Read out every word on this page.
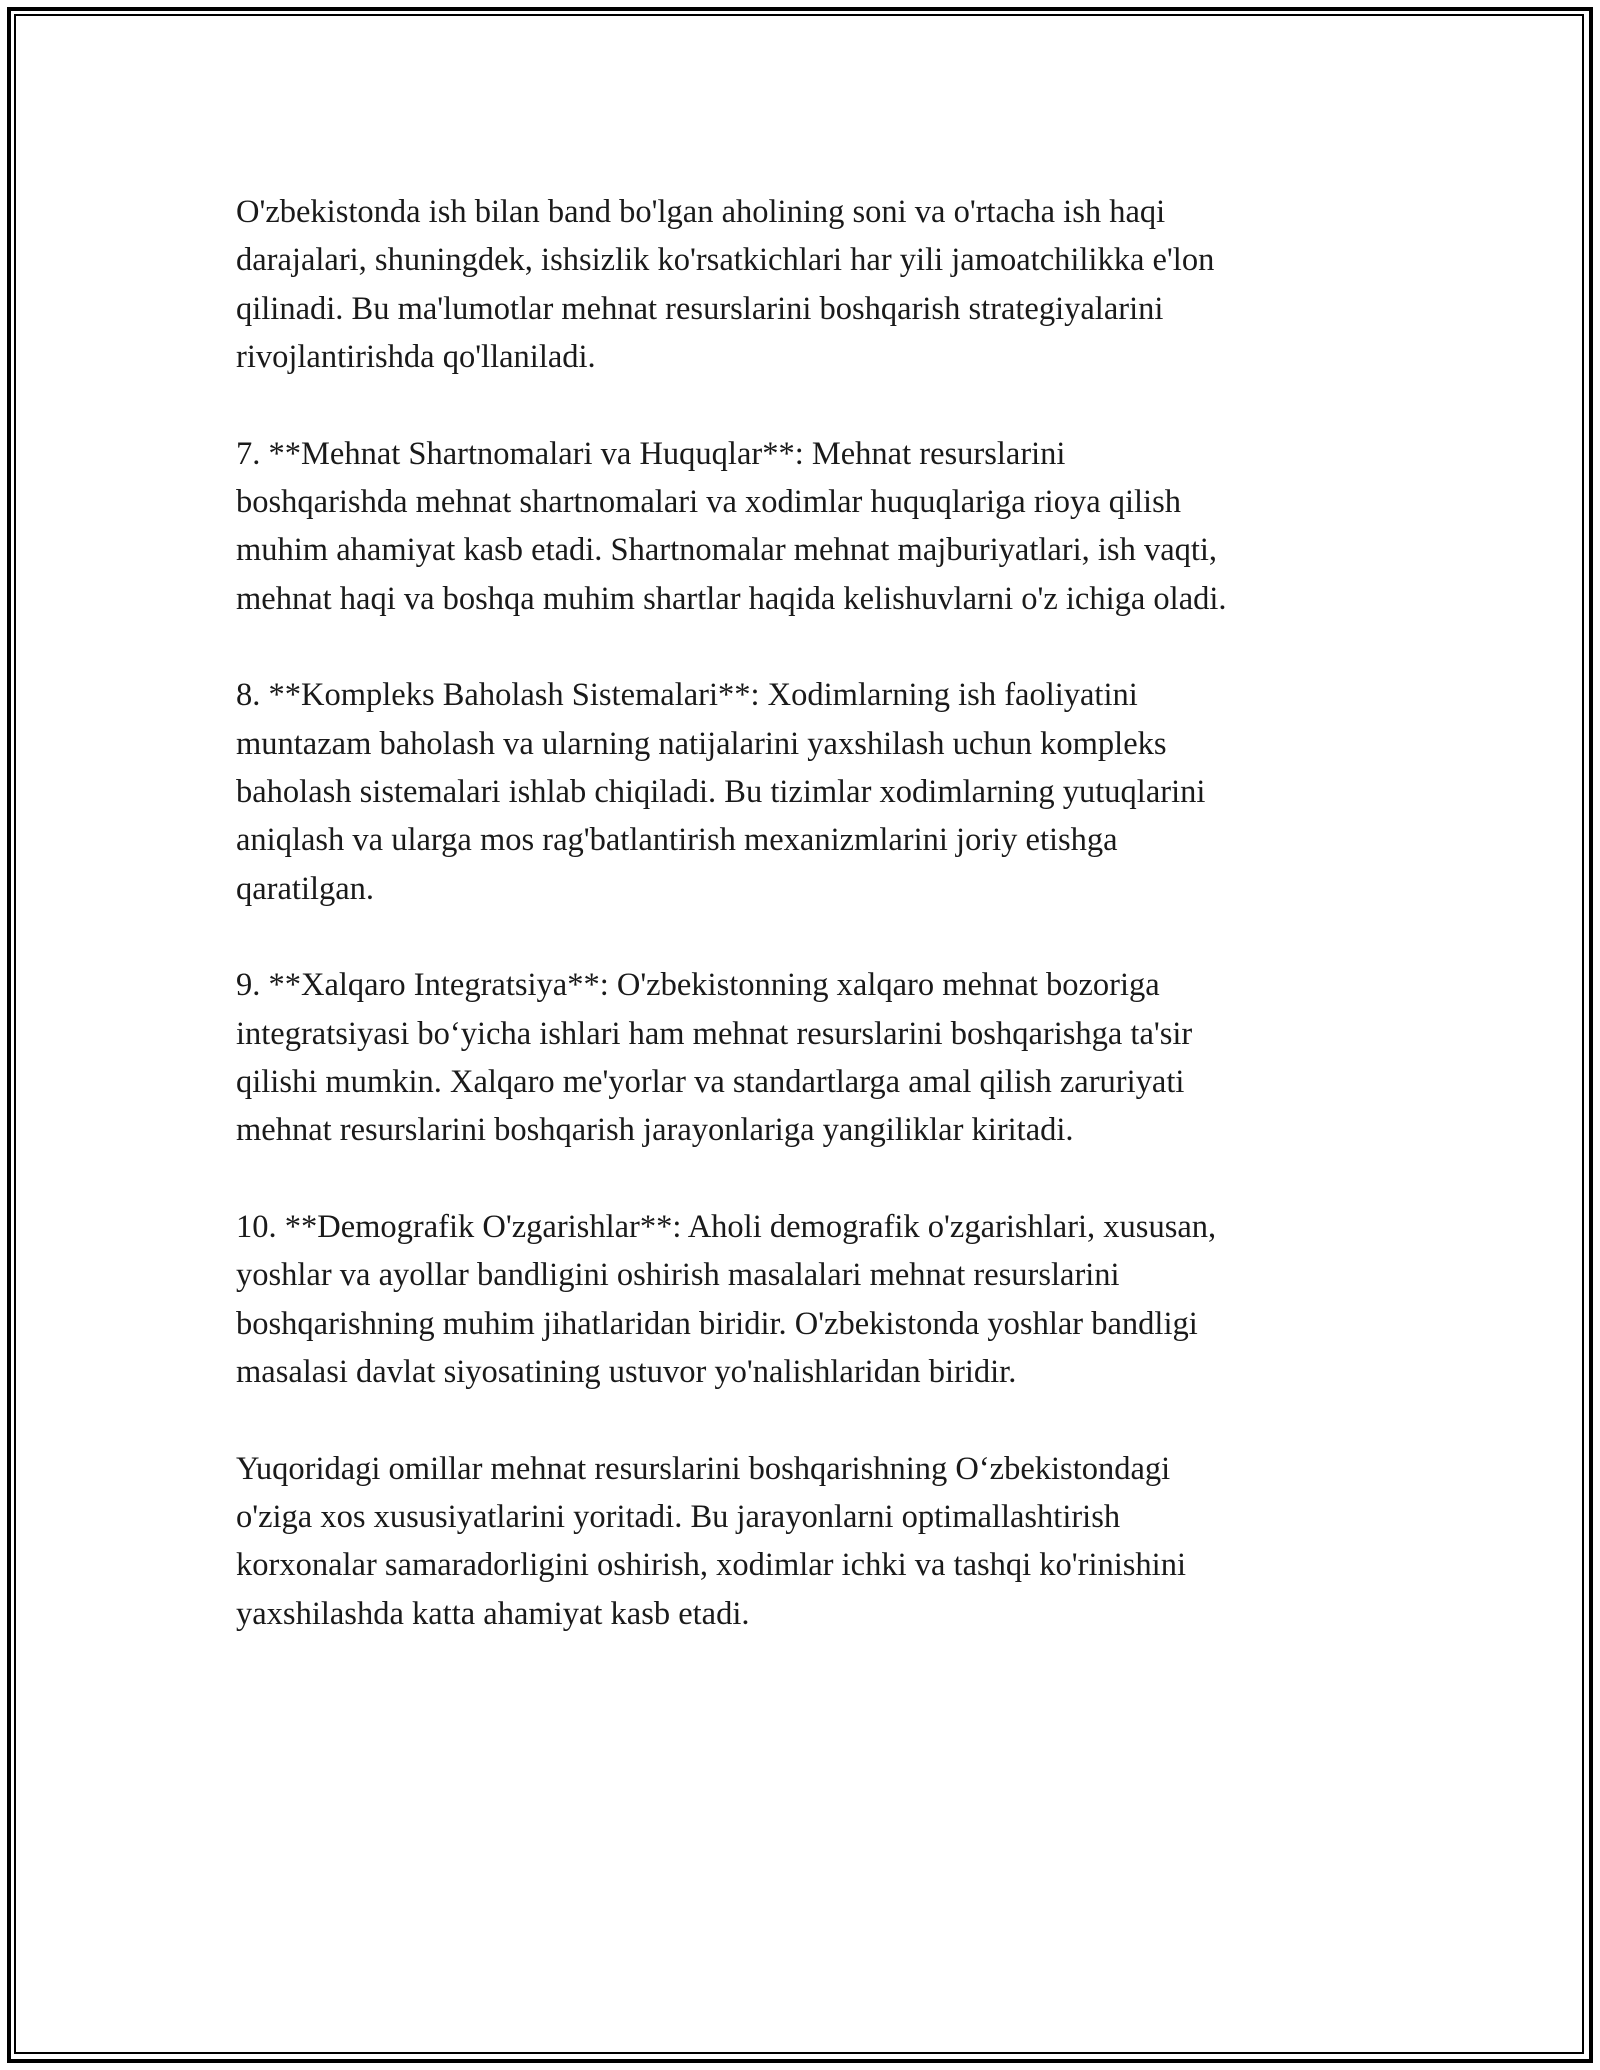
O'zbekistonda ish bilan band bo'lgan aholining soni va o'rtacha ish haqi
darajalari, shuningdek, ishsizlik ko'rsatkichlari har yili jamoatchilikka e'lon
qilinadi. Bu ma'lumotlar mehnat resurslarini boshqarish strategiyalarini
rivojlantirishda qo'llaniladi.

7. **Mehnat Shartnomalari va Huquqlar**: Mehnat resurslarini
boshqarishda mehnat shartnomalari va xodimlar huquqlariga rioya qilish
muhim ahamiyat kasb etadi. Shartnomalar mehnat majburiyatlari, ish vaqti,
mehnat haqi va boshqa muhim shartlar haqida kelishuvlarni o'z ichiga oladi.

8. **Kompleks Baholash Sistemalari**: Xodimlarning ish faoliyatini
muntazam baholash va ularning natijalarini yaxshilash uchun kompleks
baholash sistemalari ishlab chiqiladi. Bu tizimlar xodimlarning yutuqlarini
aniqlash va ularga mos rag'batlantirish mexanizmlarini joriy etishga
qaratilgan.

9. **Xalqaro Integratsiya**: O'zbekistonning xalqaro mehnat bozoriga
integratsiyasi bo‘yicha ishlari ham mehnat resurslarini boshqarishga ta'sir
qilishi mumkin. Xalqaro me'yorlar va standartlarga amal qilish zaruriyati
mehnat resurslarini boshqarish jarayonlariga yangiliklar kiritadi.

10. **Demografik O'zgarishlar**: Aholi demografik o'zgarishlari, xususan,
yoshlar va ayollar bandligini oshirish masalalari mehnat resurslarini
boshqarishning muhim jihatlaridan biridir. O'zbekistonda yoshlar bandligi
masalasi davlat siyosatining ustuvor yo'nalishlaridan biridir.

Yuqoridagi omillar mehnat resurslarini boshqarishning O‘zbekistondagi
o'ziga xos xususiyatlarini yoritadi. Bu jarayonlarni optimallashtirish
korxonalar samaradorligini oshirish, xodimlar ichki va tashqi ko'rinishini
yaxshilashda katta ahamiyat kasb etadi.
